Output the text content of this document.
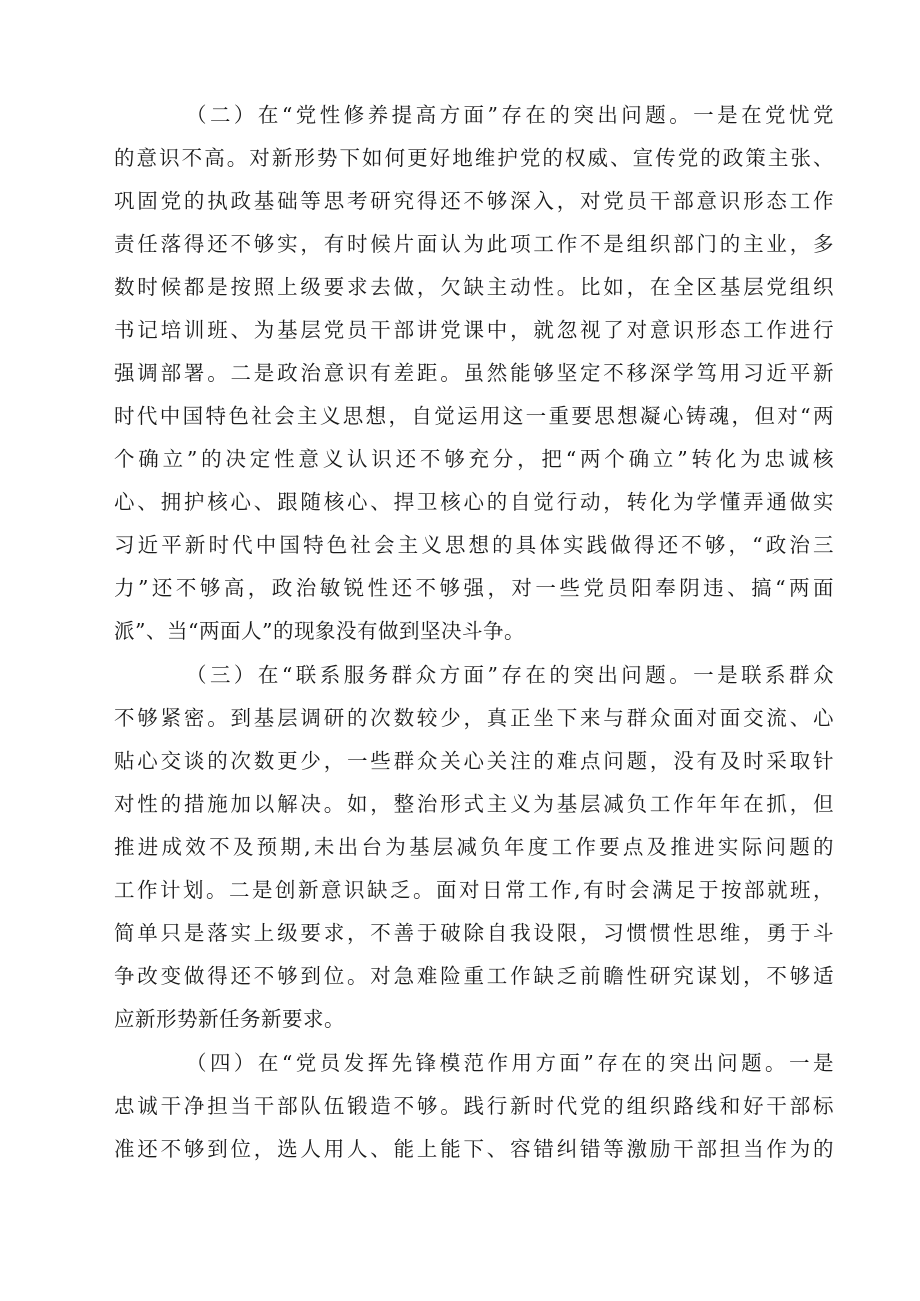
（二）在“党性修养提高方面”存在的突出问题。一是在党忧党
的意识不高。对新形势下如何更好地维护党的权威、宣传党的政策主张、
巩固党的执政基础等思考研究得还不够深入，对党员干部意识形态工作
责任落得还不够实，有时候片面认为此项工作不是组织部门的主业，多
数时候都是按照上级要求去做，欠缺主动性。比如，在全区基层党组织
书记培训班、为基层党员干部讲党课中，就忽视了对意识形态工作进行
强调部署。二是政治意识有差距。虽然能够坚定不移深学笃用习近平新
时代中国特色社会主义思想，自觉运用这一重要思想凝心铸魂，但对“两
个确立”的决定性意义认识还不够充分，把“两个确立”转化为忠诚核
心、拥护核心、跟随核心、捍卫核心的自觉行动，转化为学懂弄通做实
习近平新时代中国特色社会主义思想的具体实践做得还不够，“政治三
力”还不够高，政治敏锐性还不够强，对一些党员阳奉阴违、搞“两面
派”、当“两面人”的现象没有做到坚决斗争。
（三）在“联系服务群众方面”存在的突出问题。一是联系群众
不够紧密。到基层调研的次数较少，真正坐下来与群众面对面交流、心
贴心交谈的次数更少，一些群众关心关注的难点问题，没有及时采取针
对性的措施加以解决。如，整治形式主义为基层减负工作年年在抓，但
推进成效不及预期,未出台为基层减负年度工作要点及推进实际问题的
工作计划。二是创新意识缺乏。面对日常工作,有时会满足于按部就班，
简单只是落实上级要求，不善于破除自我设限，习惯惯性思维，勇于斗
争改变做得还不够到位。对急难险重工作缺乏前瞻性研究谋划，不够适
应新形势新任务新要求。
（四）在“党员发挥先锋模范作用方面”存在的突出问题。一是
忠诚干净担当干部队伍锻造不够。践行新时代党的组织路线和好干部标
准还不够到位，选人用人、能上能下、容错纠错等激励干部担当作为的
